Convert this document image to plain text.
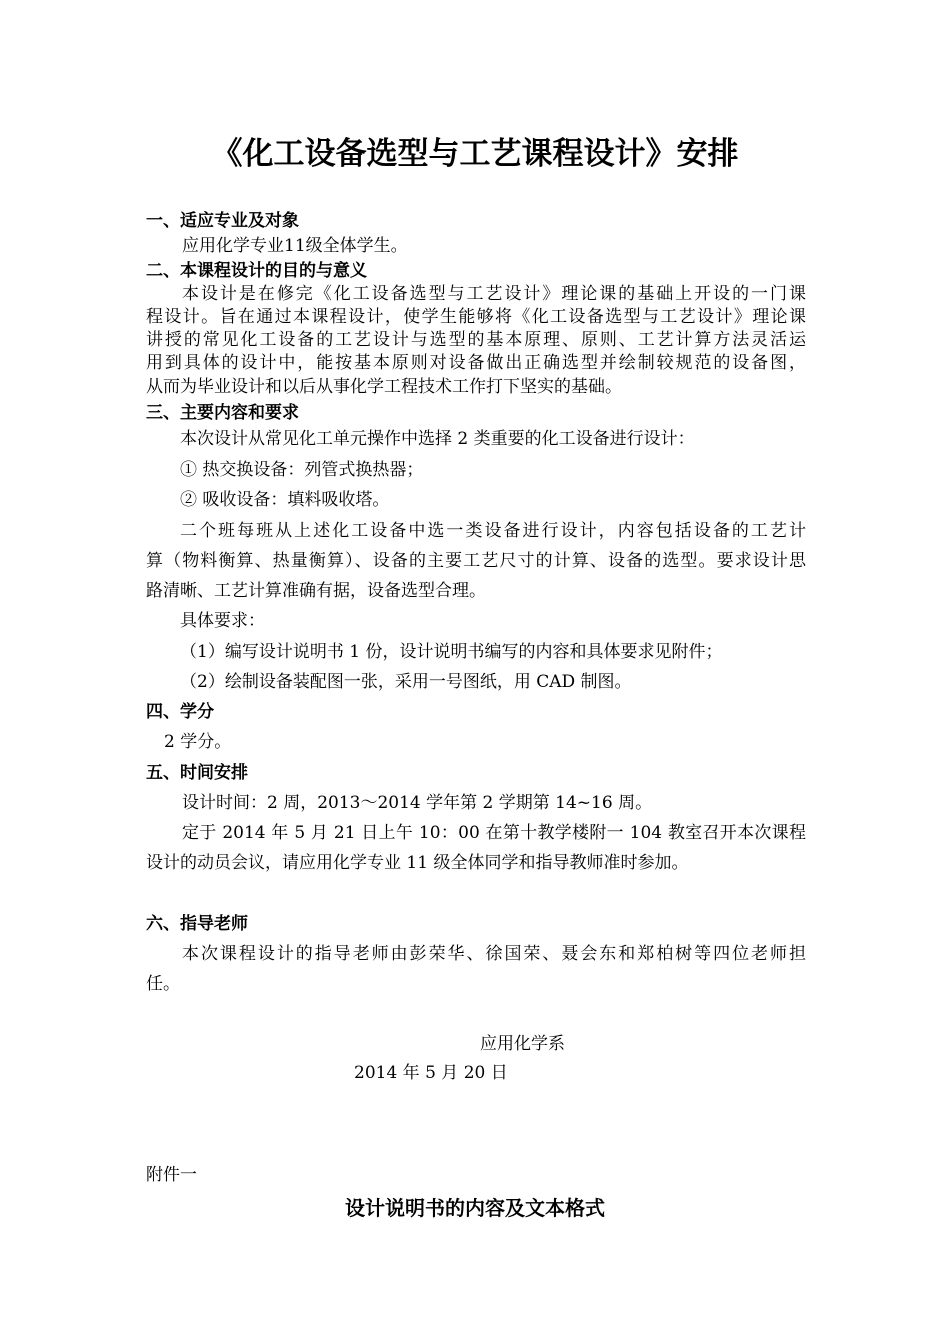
《化工设备选型与工艺课程设计》安排
一、适应专业及对象
应用化学专业11级全体学生。
二、本课程设计的目的与意义
本设计是在修完《化工设备选型与工艺设计》理论课的基础上开设的一门课
程设计。旨在通过本课程设计，使学生能够将《化工设备选型与工艺设计》理论课
讲授的常见化工设备的工艺设计与选型的基本原理、原则、工艺计算方法灵活运
用到具体的设计中，能按基本原则对设备做出正确选型并绘制较规范的设备图，
从而为毕业设计和以后从事化学工程技术工作打下坚实的基础。
三、主要内容和要求
本次设计从常见化工单元操作中选择 2 类重要的化工设备进行设计：
① 热交换设备：列管式换热器；
② 吸收设备：填料吸收塔。
二个班每班从上述化工设备中选一类设备进行设计，内容包括设备的工艺计
算（物料衡算、热量衡算）、设备的主要工艺尺寸的计算、设备的选型。要求设计思
路清晰、工艺计算准确有据，设备选型合理。
具体要求：
（1）编写设计说明书 1 份，设计说明书编写的内容和具体要求见附件；
（2）绘制设备装配图一张，采用一号图纸，用 CAD 制图。
四、学分
2 学分。
五、时间安排
设计时间：2 周，2013～2014 学年第 2 学期第 14~16 周。
定于 2014 年 5 月 21 日上午 10：00 在第十教学楼附一 104 教室召开本次课程
设计的动员会议，请应用化学专业 11 级全体同学和指导教师准时参加。
六、指导老师
本次课程设计的指导老师由彭荣华、徐国荣、聂会东和郑柏树等四位老师担
任。
应用化学系
2014 年 5 月 20 日
附件一
设计说明书的内容及文本格式
